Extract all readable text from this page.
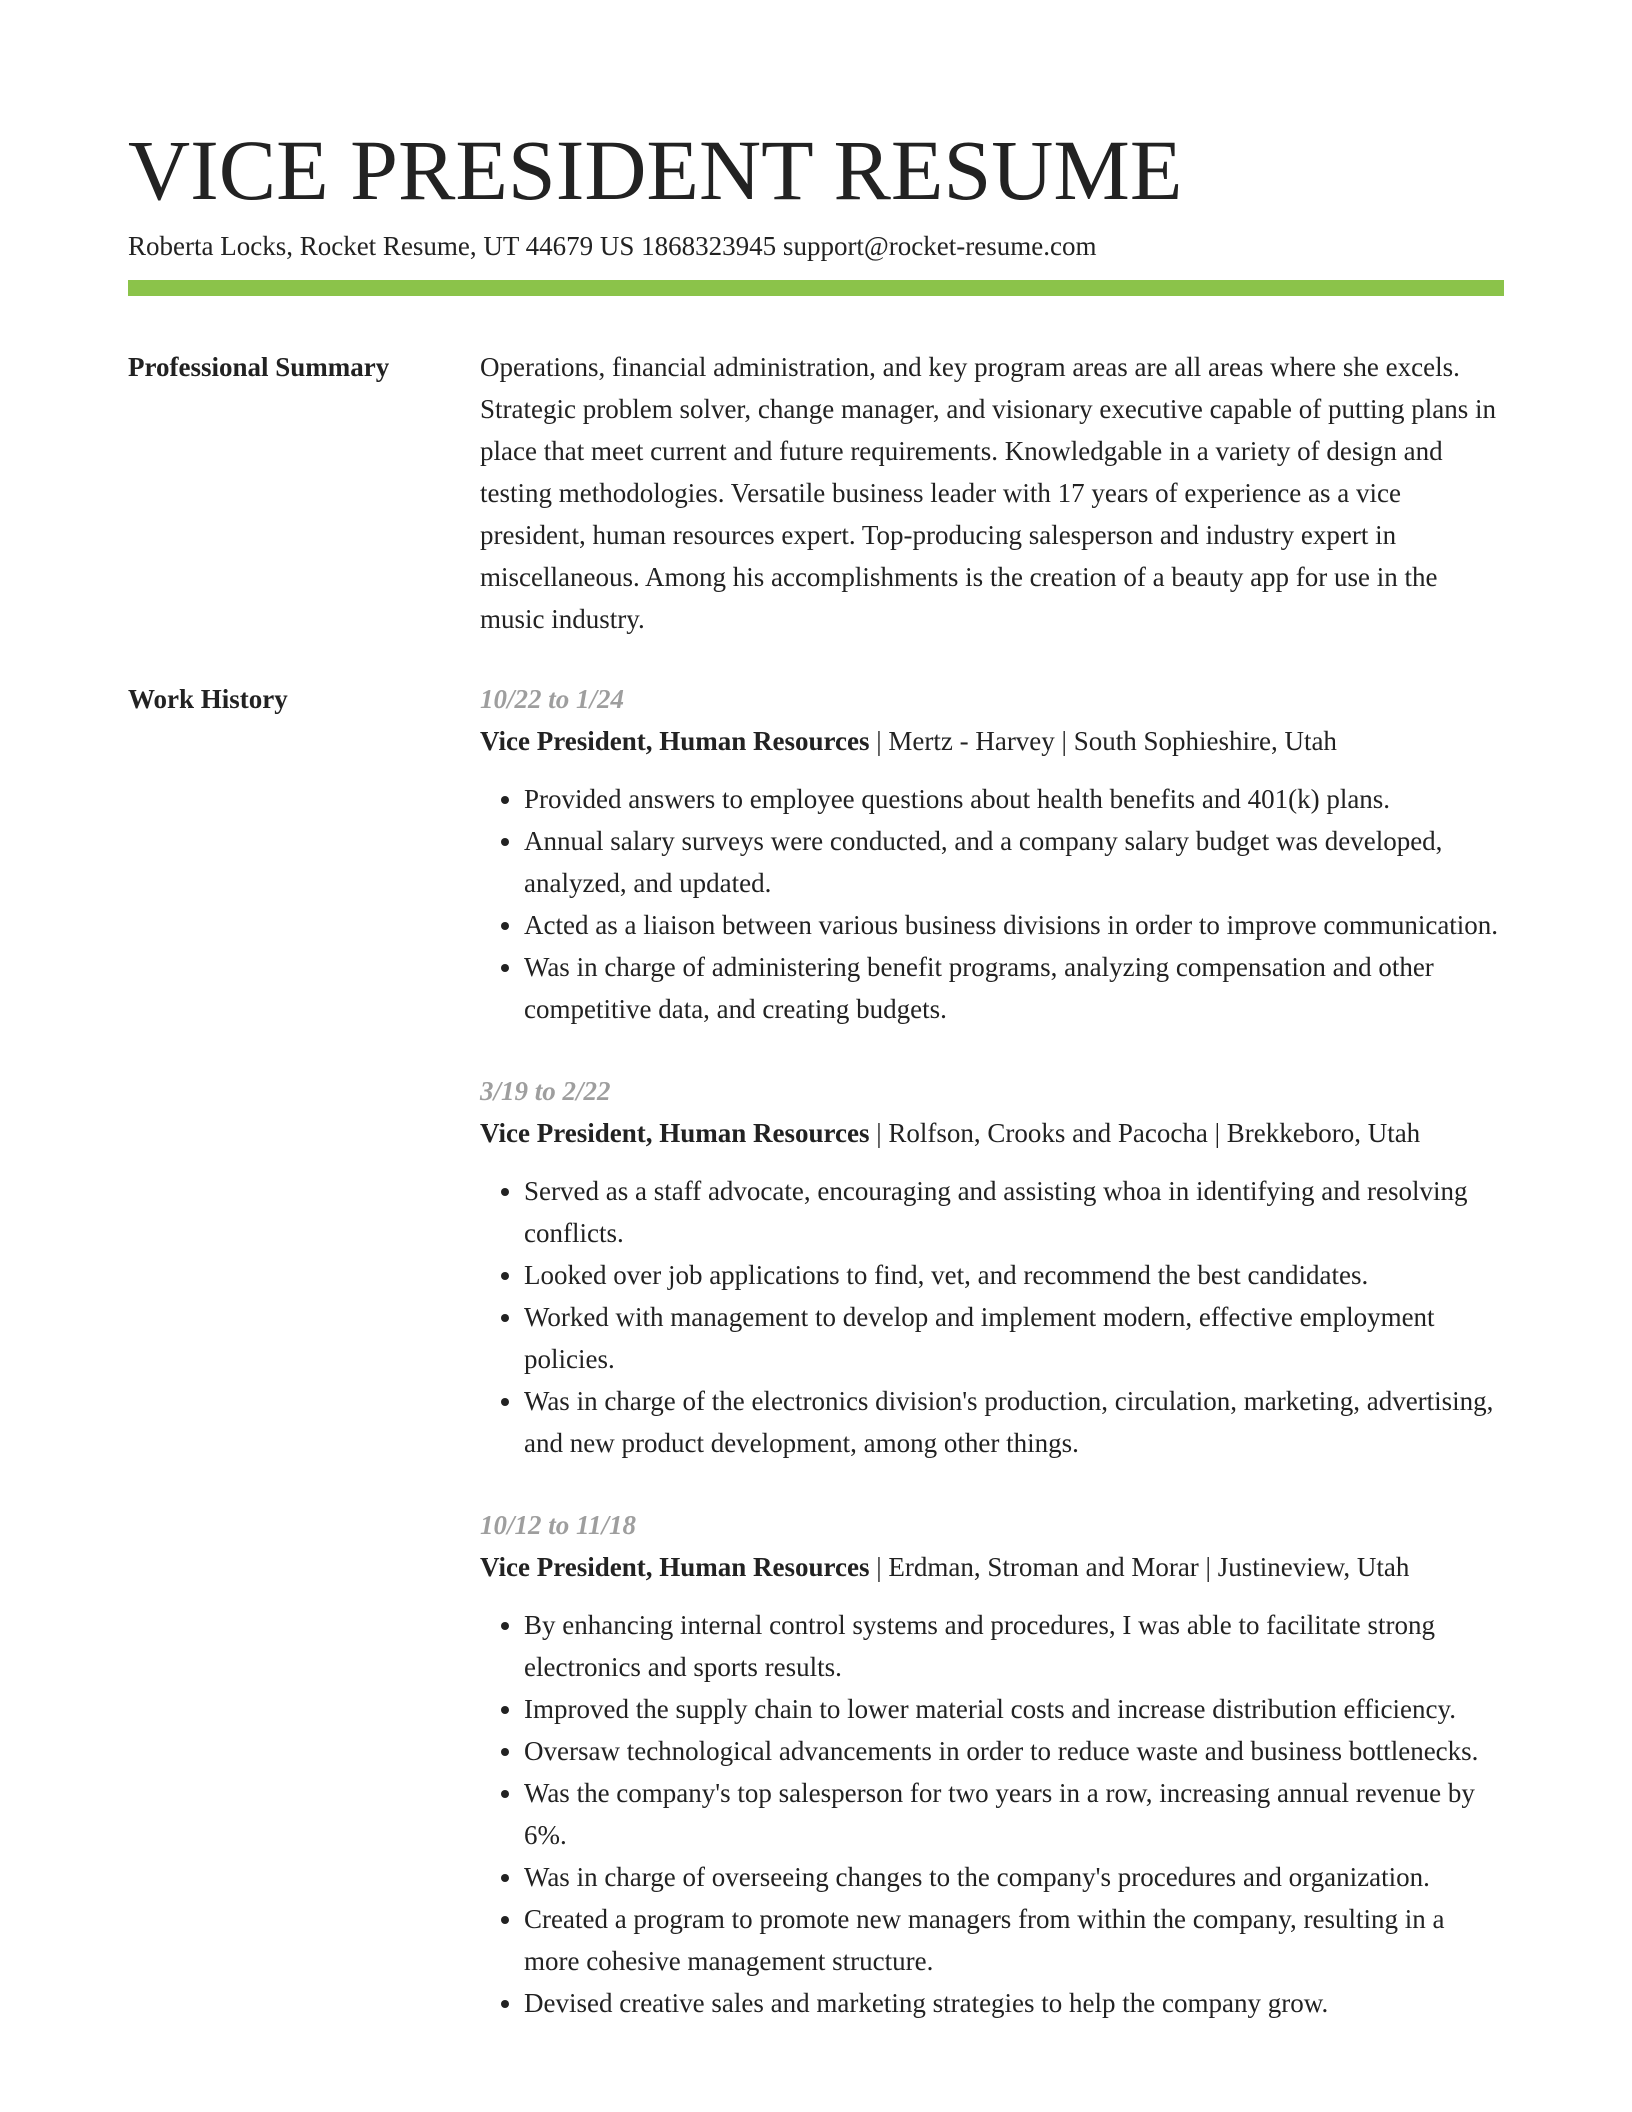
VICE PRESIDENT RESUME
Roberta Locks, Rocket Resume, UT 44679 US 1868323945 support@rocket-resume.com
Professional Summary	Operations, financial administration, and key program areas are all areas where she excels. Strategic problem solver, change manager, and visionary executive capable of putting plans in place that meet current and future requirements. Knowledgable in a variety of design and testing methodologies. Versatile business leader with 17 years of experience as a vice president, human resources expert. Top-producing salesperson and industry expert in miscellaneous. Among his accomplishments is the creation of a beauty app for use in the music industry.

Work History	10/22 to 1/24
Vice President, Human Resources | Mertz - Harvey | South Sophieshire, Utah
• Provided answers to employee questions about health benefits and 401(k) plans.
• Annual salary surveys were conducted, and a company salary budget was developed, analyzed, and updated.
• Acted as a liaison between various business divisions in order to improve communication.
• Was in charge of administering benefit programs, analyzing compensation and other competitive data, and creating budgets.
3/19 to 2/22
Vice President, Human Resources | Rolfson, Crooks and Pacocha | Brekkeboro, Utah
• Served as a staff advocate, encouraging and assisting whoa in identifying and resolving conflicts.
• Looked over job applications to find, vet, and recommend the best candidates.
• Worked with management to develop and implement modern, effective employment policies.
• Was in charge of the electronics division's production, circulation, marketing, advertising, and new product development, among other things.
10/12 to 11/18
Vice President, Human Resources | Erdman, Stroman and Morar | Justineview, Utah
• By enhancing internal control systems and procedures, I was able to facilitate strong electronics and sports results.
• Improved the supply chain to lower material costs and increase distribution efficiency.
• Oversaw technological advancements in order to reduce waste and business bottlenecks.
• Was the company's top salesperson for two years in a row, increasing annual revenue by 6%.
• Was in charge of overseeing changes to the company's procedures and organization.
• Created a program to promote new managers from within the company, resulting in a more cohesive management structure.
• Devised creative sales and marketing strategies to help the company grow.
